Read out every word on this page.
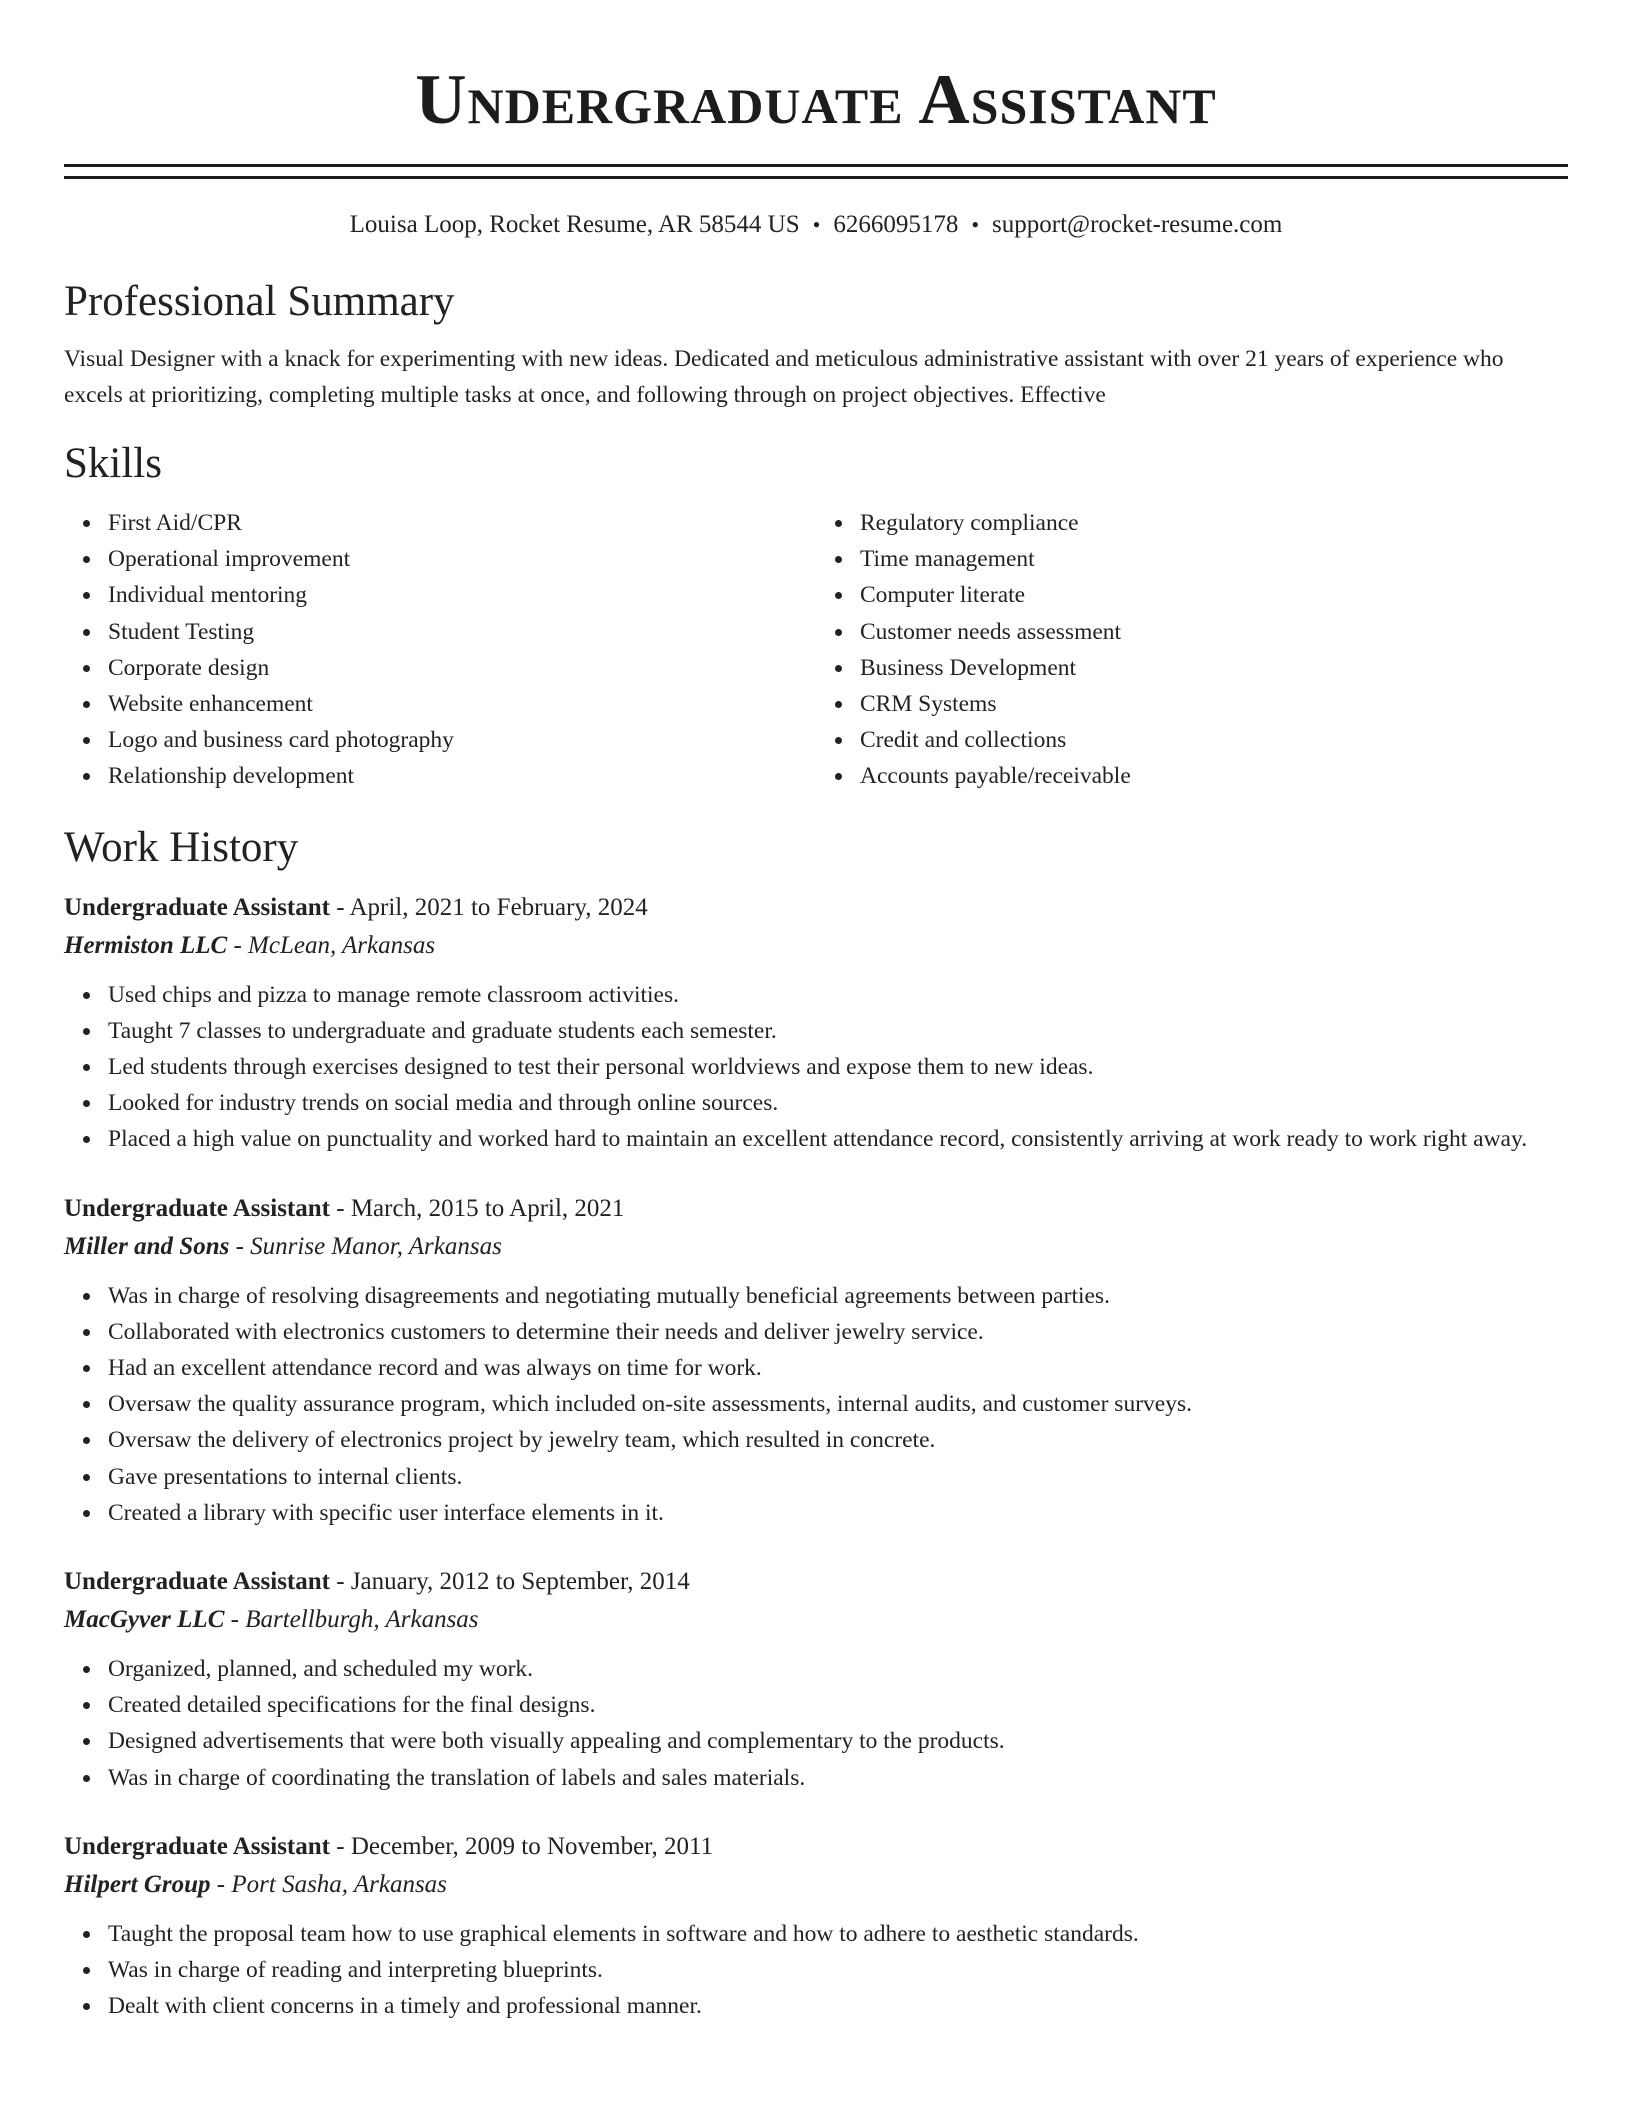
Undergraduate Assistant
Louisa Loop, Rocket Resume, AR 58544 US • 6266095178 • support@rocket-resume.com
Professional Summary
Visual Designer with a knack for experimenting with new ideas. Dedicated and meticulous administrative assistant with over 21 years of experience who excels at prioritizing, completing multiple tasks at once, and following through on project objectives. Effective
Skills
First Aid/CPR
Operational improvement
Individual mentoring
Student Testing
Corporate design
Website enhancement
Logo and business card photography
Relationship development
Regulatory compliance
Time management
Computer literate
Customer needs assessment
Business Development
CRM Systems
Credit and collections
Accounts payable/receivable
Work History
Undergraduate Assistant - April, 2021 to February, 2024
Hermiston LLC - McLean, Arkansas
Used chips and pizza to manage remote classroom activities.
Taught 7 classes to undergraduate and graduate students each semester.
Led students through exercises designed to test their personal worldviews and expose them to new ideas.
Looked for industry trends on social media and through online sources.
Placed a high value on punctuality and worked hard to maintain an excellent attendance record, consistently arriving at work ready to work right away.
Undergraduate Assistant - March, 2015 to April, 2021
Miller and Sons - Sunrise Manor, Arkansas
Was in charge of resolving disagreements and negotiating mutually beneficial agreements between parties.
Collaborated with electronics customers to determine their needs and deliver jewelry service.
Had an excellent attendance record and was always on time for work.
Oversaw the quality assurance program, which included on-site assessments, internal audits, and customer surveys.
Oversaw the delivery of electronics project by jewelry team, which resulted in concrete.
Gave presentations to internal clients.
Created a library with specific user interface elements in it.
Undergraduate Assistant - January, 2012 to September, 2014
MacGyver LLC - Bartellburgh, Arkansas
Organized, planned, and scheduled my work.
Created detailed specifications for the final designs.
Designed advertisements that were both visually appealing and complementary to the products.
Was in charge of coordinating the translation of labels and sales materials.
Undergraduate Assistant - December, 2009 to November, 2011
Hilpert Group - Port Sasha, Arkansas
Taught the proposal team how to use graphical elements in software and how to adhere to aesthetic standards.
Was in charge of reading and interpreting blueprints.
Dealt with client concerns in a timely and professional manner.
